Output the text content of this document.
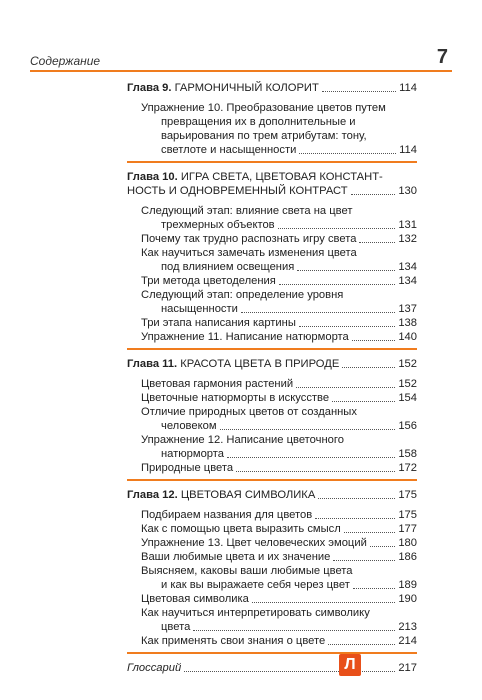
Содержание	7
Глава 9. ГАРМОНИЧНЫЙ КОЛОРИТ	114
Упражнение 10. Преобразование цветов путем
превращения их в дополнительные и
варьирования по трем атрибутам: тону,
светлоте и насыщенности	114
Глава 10. ИГРА СВЕТА, ЦВЕТОВАЯ КОНСТАНТ-
НОСТЬ И ОДНОВРЕМЕННЫЙ КОНТРАСТ	130
Следующий этап: влияние света на цвет
трехмерных объектов	131
Почему так трудно распознать игру света	132
Как научиться замечать изменения цвета
под влиянием освещения	134
Три метода цветоделения	134
Следующий этап: определение уровня
насыщенности	137
Три этапа написания картины	138
Упражнение 11. Написание натюрморта	140
Глава 11. КРАСОТА ЦВЕТА В ПРИРОДЕ	152
Цветовая гармония растений	152
Цветочные натюрморты в искусстве	154
Отличие природных цветов от созданных
человеком	156
Упражнение 12. Написание цветочного
натюрморта	158
Природные цвета	172
Глава 12. ЦВЕТОВАЯ СИМВОЛИКА	175
Подбираем названия для цветов	175
Как с помощью цвета выразить смысл	177
Упражнение 13. Цвет человеческих эмоций	180
Ваши любимые цвета и их значение	186
Выясняем, каковы ваши любимые цвета
и как вы выражаете себя через цвет	189
Цветовая символика	190
Как научиться интерпретировать символику
цвета	213
Как применять свои знания о цвете	214
Глоссарий	217
Л
